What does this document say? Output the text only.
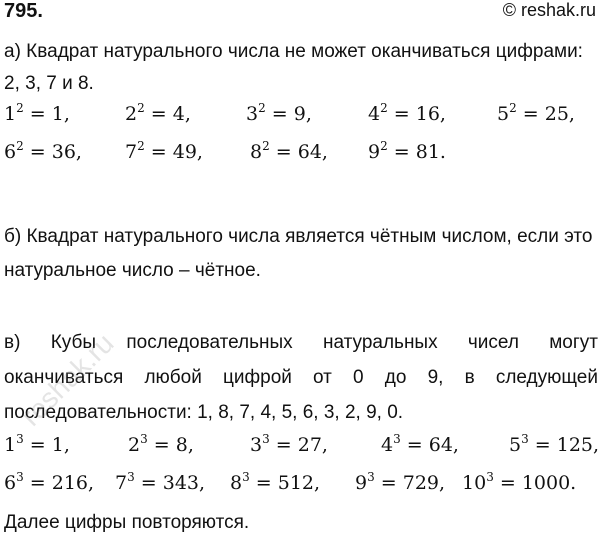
795.	© reshak.ru
а) Квадрат натурального числа не может оканчиваться цифрами:
2, 3, 7 и 8.
$1^2 = 1$,	$2^2 = 4$,	$3^2 = 9$,	$4^2 = 16$,	$5^2 = 25$,
$6^2 = 36$, $7^2 = 49$, $8^2 = 64$, $9^2 = 81$.
б) Квадрат натурального числа является чётным числом, если это
натуральное число – чётное.
в) Кубы последовательных натуральных чисел могут
оканчиваться любой цифрой от 0 до 9, в следующей
последовательности: 1, 8, 7, 4, 5, 6, 3, 2, 9, 0.
$1^3 = 1$,	$2^3 = 8$,	$3^3 = 27$,	$4^3 = 64$,	$5^3 = 125$,
$6^3 = 216$, $7^3 = 343$, $8^3 = 512$, $9^3 = 729$, $10^3 = 1000$.
Далее цифры повторяются.
reshak.ru
